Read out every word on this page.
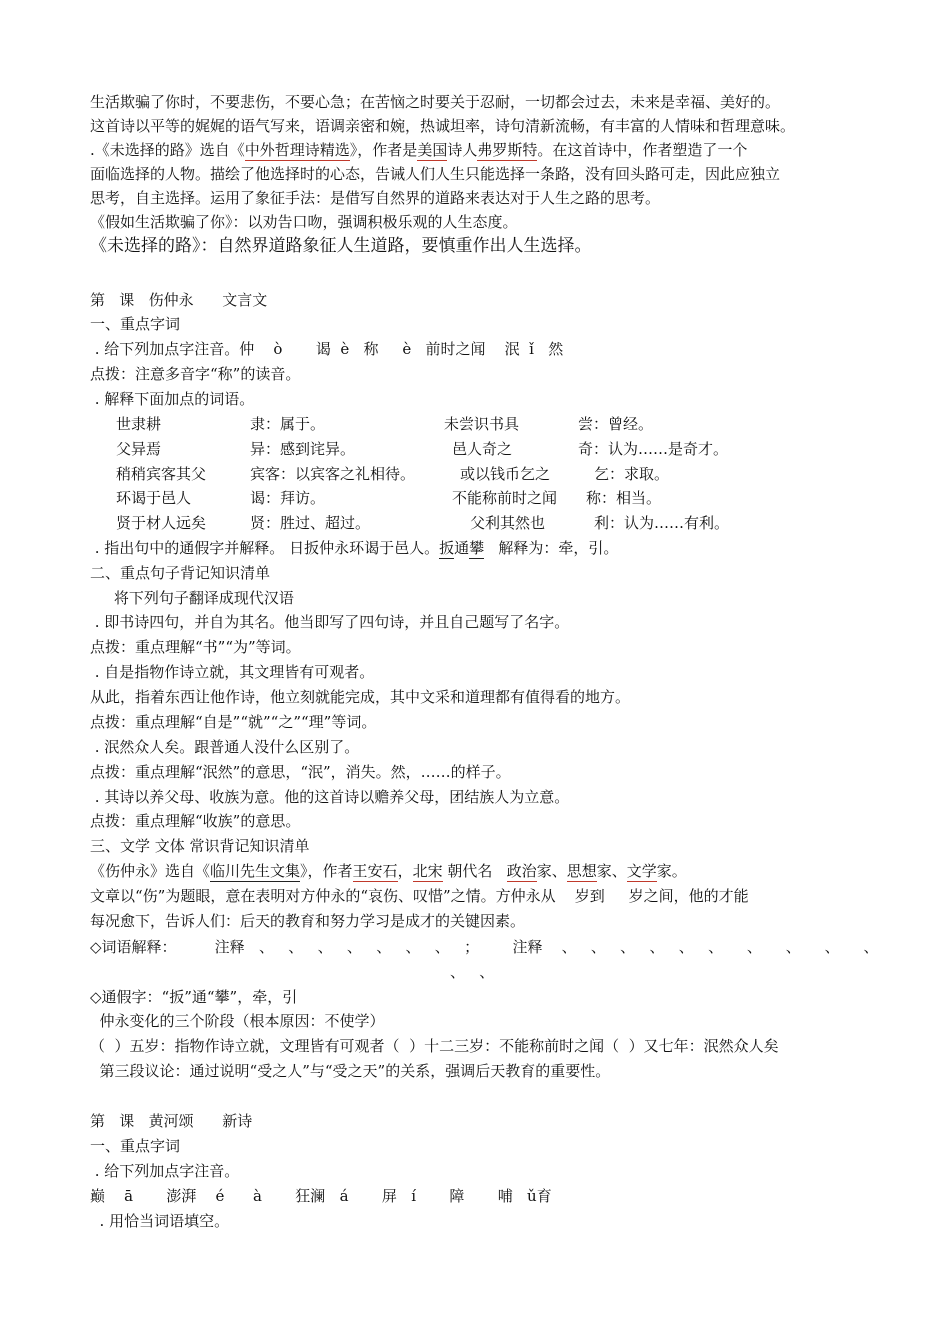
生活欺骗了你时，不要悲伤，不要心急；在苦恼之时要关于忍耐，一切都会过去，未来是幸福、美好的。
这首诗以平等的娓娓的语气写来，语调亲密和婉，热诚坦率，诗句清新流畅，有丰富的人情味和哲理意味。
.《未选择的路》选自《中外哲理诗精选》，作者是美国诗人弗罗斯特。在这首诗中，作者塑造了一个
面临选择的人物。描绘了他选择时的心态，告诫人们人生只能选择一条路，没有回头路可走，因此应独立
思考，自主选择。运用了象征手法：是借写自然界的道路来表达对于人生之路的思考。
《假如生活欺骗了你》：以劝告口吻，强调积极乐观的人生态度。
《未选择的路》：自然界道路象征人生道路，要慎重作出人生选择。
第   课   伤仲永      文言文
一、重点字词
. 给下列加点字注音。仲    ò       谒  è   称     è   前时之闻    泯  ǐ   然
点拨：注意多音字“称”的读音。
. 解释下面加点的词语。
世隶耕	隶：属于。	未尝识书具	尝：曾经。
父异焉	异：感到诧异。	邑人奇之	奇：认为……是奇才。
稍稍宾客其父	宾客：以宾客之礼相待。	或以钱币乞之	乞：求取。
环谒于邑人	谒：拜访。	不能称前时之闻 称：相当。
贤于材人远矣	贤：胜过、超过。	父利其然也	利：认为……有利。
. 指出句中的通假字并解释。 日扳仲永环谒于邑人。扳通攀   解释为：牵，引。
二、重点句子背记知识清单
将下列句子翻译成现代汉语
. 即书诗四句，并自为其名。他当即写了四句诗，并且自己题写了名字。
点拨：重点理解“书”“为”等词。
. 自是指物作诗立就，其文理皆有可观者。
从此，指着东西让他作诗，他立刻就能完成，其中文采和道理都有值得看的地方。
点拨：重点理解“自是”“就”“之”“理”等词。
. 泯然众人矣。跟普通人没什么区别了。
点拨：重点理解“泯然”的意思，“泯”，消失。然，……的样子。
. 其诗以养父母、收族为意。他的这首诗以赡养父母，团结族人为立意。
点拨：重点理解“收族”的意思。
三、文学 文体 常识背记知识清单
《伤仲永》选自《临川先生文集》，作者王安石，北宋 朝代名   政治家、思想家、文学家。
文章以“伤”为题眼，意在表明对方仲永的“哀伤、叹惜”之情。方仲永从    岁到     岁之间，他的才能
每况愈下，告诉人们：后天的教育和努力学习是成才的关键因素。
◇词语解释：        注释   、   、   、   、   、   、   、   ；       注释    、   、   、   、   、   、     、     、     、     、
、   、
◇通假字：“扳”通“攀”，牵，引
仲永变化的三个阶段（根本原因：不使学）
（  ）五岁：指物作诗立就，文理皆有可观者（  ）十二三岁：不能称前时之闻（  ）又七年：泯然众人矣
第三段议论：通过说明“受之人”与“受之天”的关系，强调后天教育的重要性。
第   课   黄河颂      新诗
一、重点字词
. 给下列加点字注音。
巅    ā       澎湃    é      à       狂澜   á       屏   í       障       哺   ǔ育
. 用恰当词语填空。
